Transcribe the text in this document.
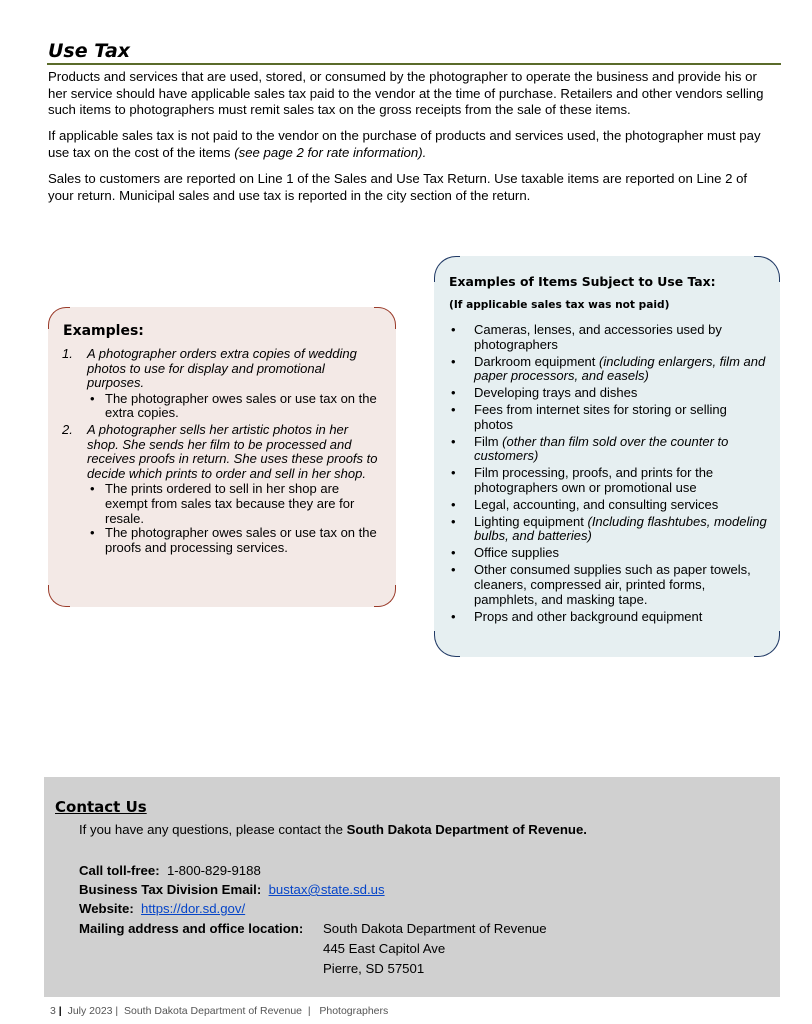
Use Tax

Products and services that are used, stored, or consumed by the photographer to operate the business and provide his or her service should have applicable sales tax paid to the vendor at the time of purchase. Retailers and other vendors selling such items to photographers must remit sales tax on the gross receipts from the sale of these items.

If applicable sales tax is not paid to the vendor on the purchase of products and services used, the photographer must pay use tax on the cost of the items (see page 2 for rate information).

Sales to customers are reported on Line 1 of the Sales and Use Tax Return. Use taxable items are reported on Line 2 of your return. Municipal sales and use tax is reported in the city section of the return.

Examples:
1. A photographer orders extra copies of wedding photos to use for display and promotional purposes.
• The photographer owes sales or use tax on the extra copies.
2. A photographer sells her artistic photos in her shop. She sends her film to be processed and receives proofs in return. She uses these proofs to decide which prints to order and sell in her shop.
• The prints ordered to sell in her shop are exempt from sales tax because they are for resale.
• The photographer owes sales or use tax on the proofs and processing services.
Examples of Items Subject to Use Tax:
(If applicable sales tax was not paid)
• Cameras, lenses, and accessories used by photographers
• Darkroom equipment (including enlargers, film and paper processors, and easels)
• Developing trays and dishes
• Fees from internet sites for storing or selling photos
• Film (other than film sold over the counter to customers)
• Film processing, proofs, and prints for the photographers own or promotional use
• Legal, accounting, and consulting services
• Lighting equipment (Including flashtubes, modeling bulbs, and batteries)
• Office supplies
• Other consumed supplies such as paper towels, cleaners, compressed air, printed forms, pamphlets, and masking tape.
• Props and other background equipment
Contact Us
If you have any questions, please contact the South Dakota Department of Revenue.
Call toll-free: 1-800-829-9188
Business Tax Division Email: bustax@state.sd.us
Website: https://dor.sd.gov/
Mailing address and office location: South Dakota Department of Revenue
445 East Capitol Ave
Pierre, SD 57501
3 | July 2023 |  South Dakota Department of Revenue  |   Photographers
